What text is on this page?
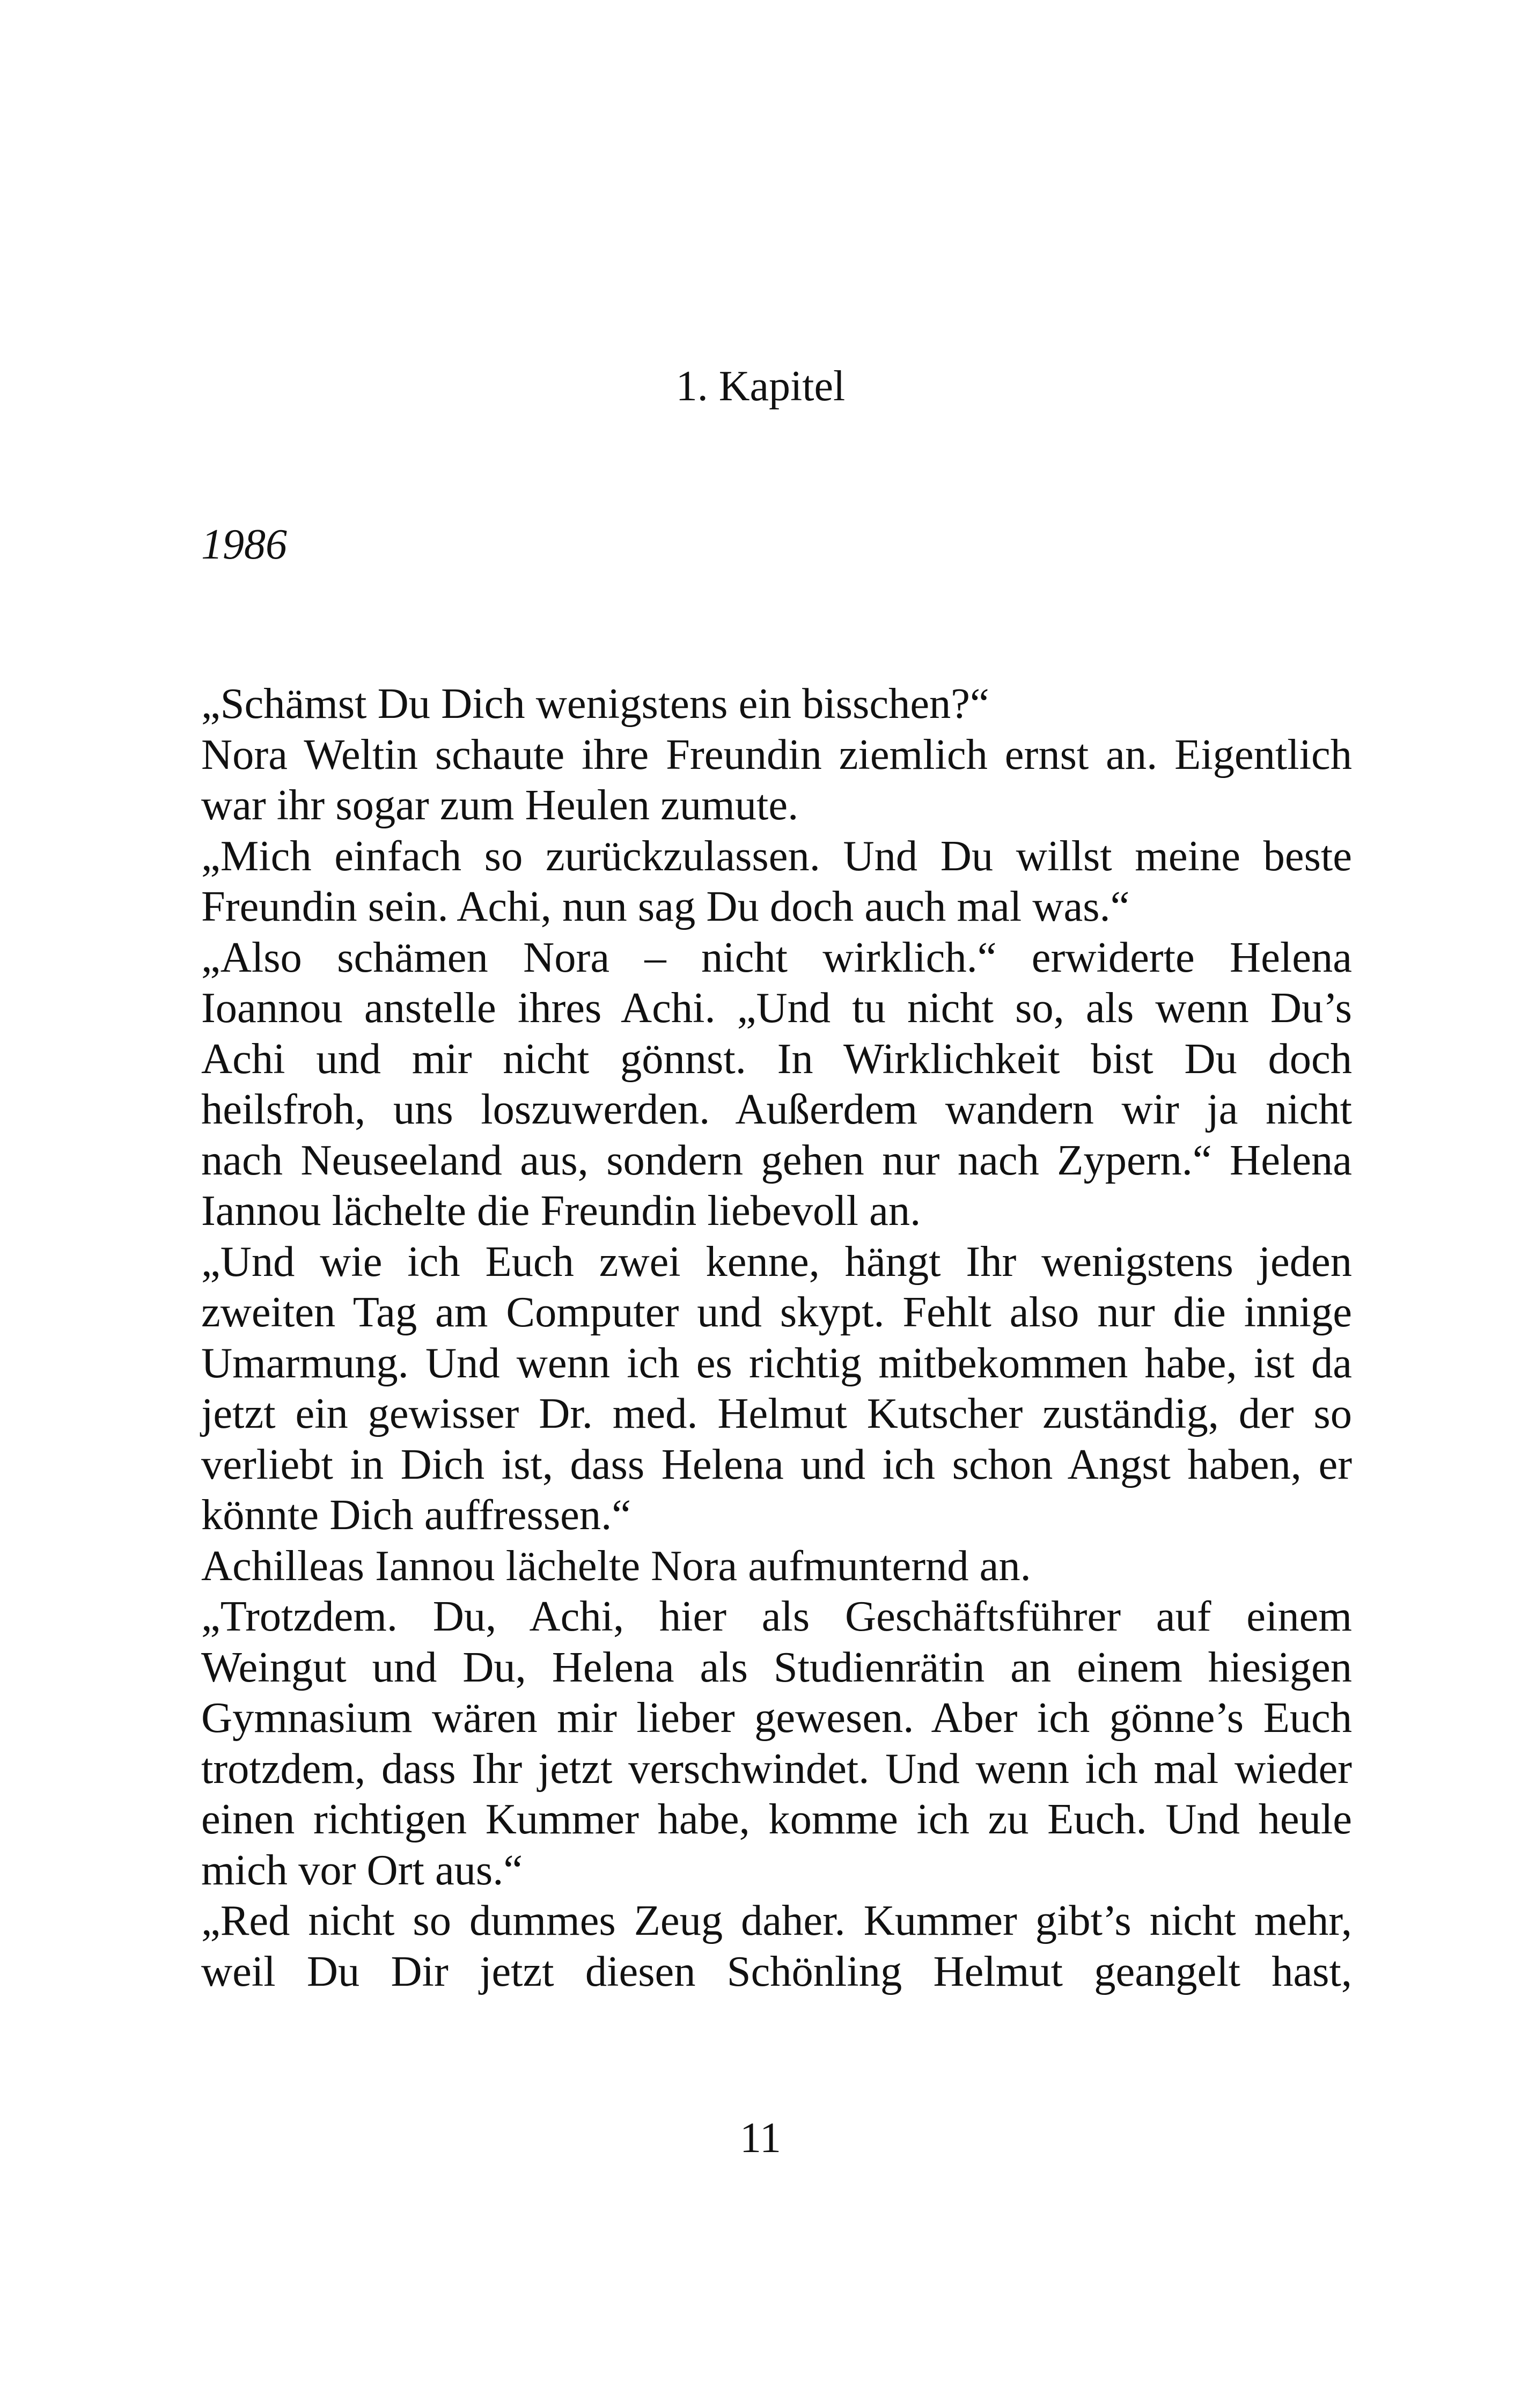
1. Kapitel

1986

„Schämst Du Dich wenigstens ein bisschen?“
Nora Weltin schaute ihre Freundin ziemlich ernst an. Eigentlich
war ihr sogar zum Heulen zumute.
„Mich einfach so zurückzulassen. Und Du willst meine beste
Freundin sein. Achi, nun sag Du doch auch mal was.“
„Also schämen Nora – nicht wirklich.“ erwiderte Helena
Ioannou anstelle ihres Achi. „Und tu nicht so, als wenn Du’s
Achi und mir nicht gönnst. In Wirklichkeit bist Du doch
heilsfroh, uns loszuwerden. Außerdem wandern wir ja nicht
nach Neuseeland aus, sondern gehen nur nach Zypern.“ Helena
Iannou lächelte die Freundin liebevoll an.
„Und wie ich Euch zwei kenne, hängt Ihr wenigstens jeden
zweiten Tag am Computer und skypt. Fehlt also nur die innige
Umarmung. Und wenn ich es richtig mitbekommen habe, ist da
jetzt ein gewisser Dr. med. Helmut Kutscher zuständig, der so
verliebt in Dich ist, dass Helena und ich schon Angst haben, er
könnte Dich auffressen.“
Achilleas Iannou lächelte Nora aufmunternd an.
„Trotzdem. Du, Achi, hier als Geschäftsführer auf einem
Weingut und Du, Helena als Studienrätin an einem hiesigen
Gymnasium wären mir lieber gewesen. Aber ich gönne’s Euch
trotzdem, dass Ihr jetzt verschwindet. Und wenn ich mal wieder
einen richtigen Kummer habe, komme ich zu Euch. Und heule
mich vor Ort aus.“
„Red nicht so dummes Zeug daher. Kummer gibt’s nicht mehr,
weil Du Dir jetzt diesen Schönling Helmut geangelt hast,

11
